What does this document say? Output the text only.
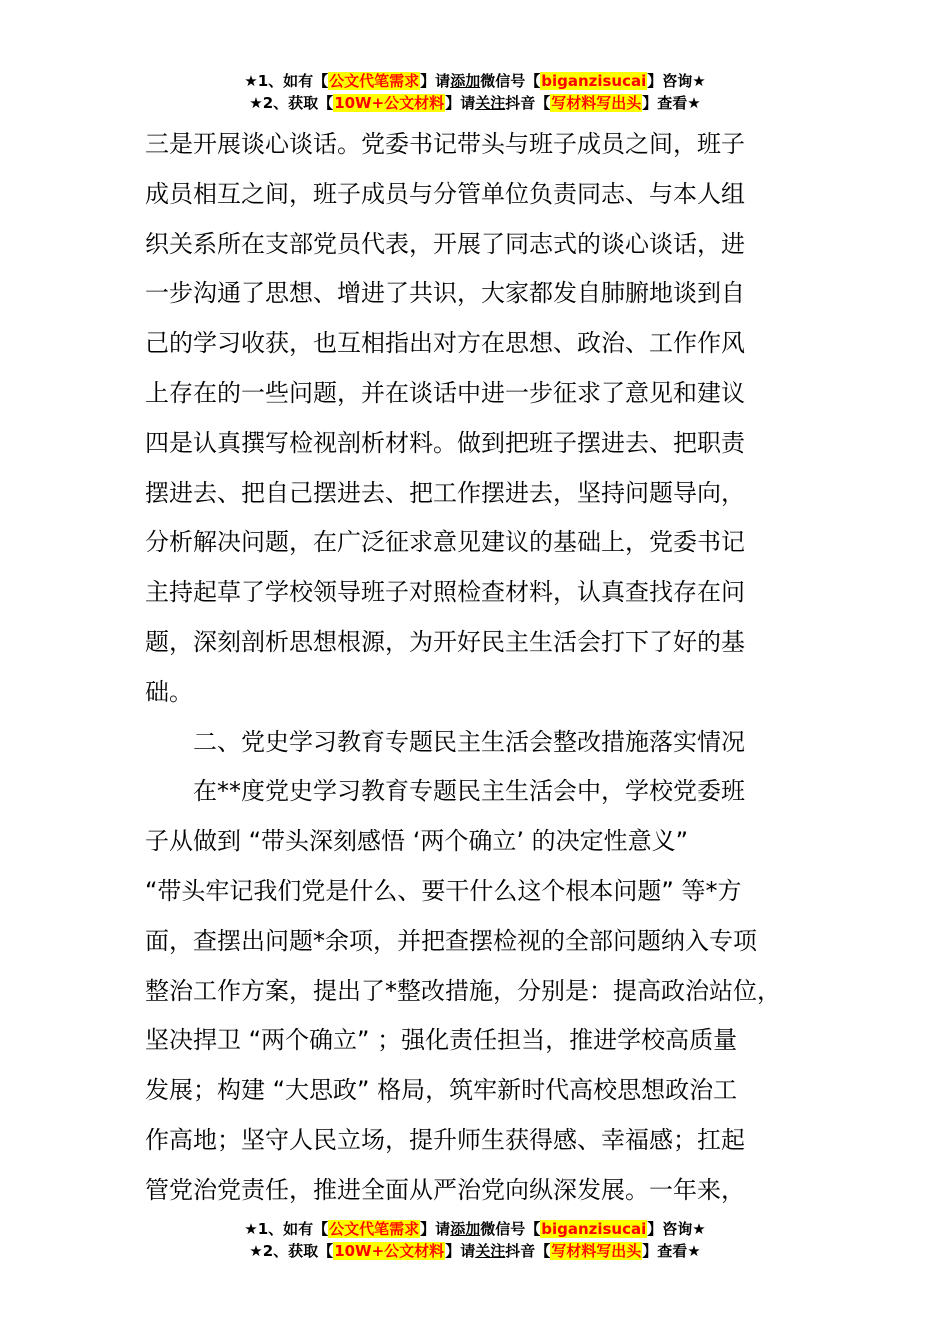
★1、如有【公文代笔需求】请添加微信号【biganzisucai】咨询★
★2、获取【10W+公文材料】请关注抖音【写材料写出头】查看★
三是开展谈心谈话。党委书记带头与班子成员之间，班子
成员相互之间，班子成员与分管单位负责同志、与本人组
织关系所在支部党员代表，开展了同志式的谈心谈话，进
一步沟通了思想、增进了共识，大家都发自肺腑地谈到自
己的学习收获，也互相指出对方在思想、政治、工作作风
上存在的一些问题，并在谈话中进一步征求了意见和建议
四是认真撰写检视剖析材料。做到把班子摆进去、把职责
摆进去、把自己摆进去、把工作摆进去，坚持问题导向，
分析解决问题，在广泛征求意见建议的基础上，党委书记
主持起草了学校领导班子对照检查材料，认真查找存在问
题，深刻剖析思想根源，为开好民主生活会打下了好的基
础。
二、党史学习教育专题民主生活会整改措施落实情况
在**度党史学习教育专题民主生活会中，学校党委班
子从做到 “带头深刻感悟 ‘两个确立’ 的决定性意义”
“带头牢记我们党是什么、要干什么这个根本问题” 等*方
面，查摆出问题*余项，并把查摆检视的全部问题纳入专项
整治工作方案，提出了*整改措施，分别是：提高政治站位，
坚决捍卫 “两个确立” ；强化责任担当，推进学校高质量
发展；构建 “大思政” 格局，筑牢新时代高校思想政治工
作高地；坚守人民立场，提升师生获得感、幸福感；扛起
管党治党责任，推进全面从严治党向纵深发展。一年来，
★1、如有【公文代笔需求】请添加微信号【biganzisucai】咨询★
★2、获取【10W+公文材料】请关注抖音【写材料写出头】查看★
